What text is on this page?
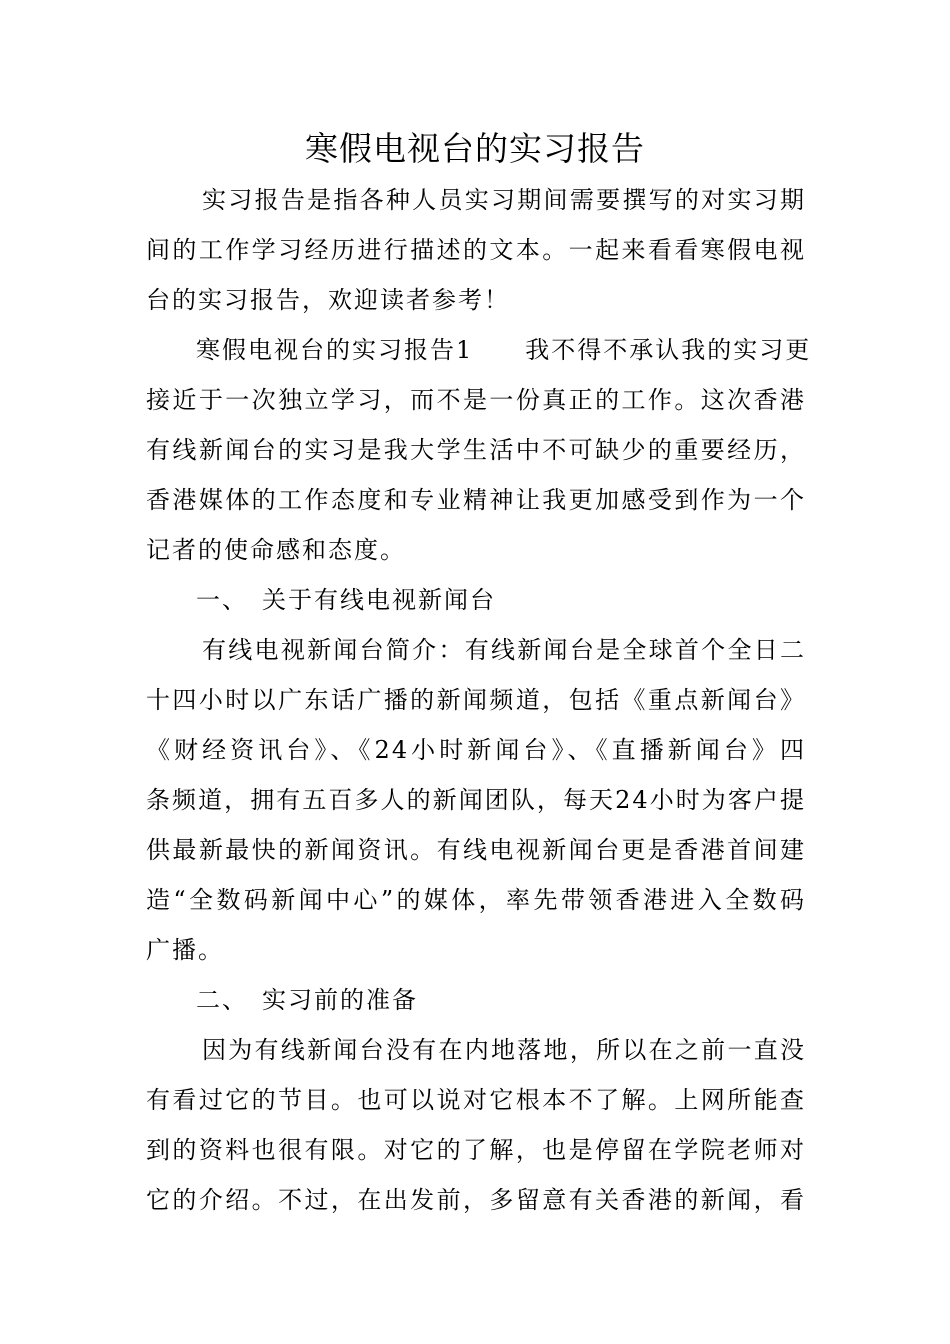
寒假电视台的实习报告
实习报告是指各种人员实习期间需要撰写的对实习期
间的工作学习经历进行描述的文本。一起来看看寒假电视
台的实习报告，欢迎读者参考！
寒假电视台的实习报告1　　我不得不承认我的实习更
接近于一次独立学习，而不是一份真正的工作。这次香港
有线新闻台的实习是我大学生活中不可缺少的重要经历，
香港媒体的工作态度和专业精神让我更加感受到作为一个
记者的使命感和态度。
一、　关于有线电视新闻台
有线电视新闻台简介：有线新闻台是全球首个全日二
十四小时以广东话广播的新闻频道，包括《重点新闻台》
《财经资讯台》、《24小时新闻台》、《直播新闻台》四
条频道，拥有五百多人的新闻团队，每天24小时为客户提
供最新最快的新闻资讯。有线电视新闻台更是香港首间建
造“全数码新闻中心”的媒体，率先带领香港进入全数码
广播。
二、　实习前的准备
因为有线新闻台没有在内地落地，所以在之前一直没
有看过它的节目。也可以说对它根本不了解。上网所能查
到的资料也很有限。对它的了解，也是停留在学院老师对
它的介绍。不过，在出发前，多留意有关香港的新闻，看
